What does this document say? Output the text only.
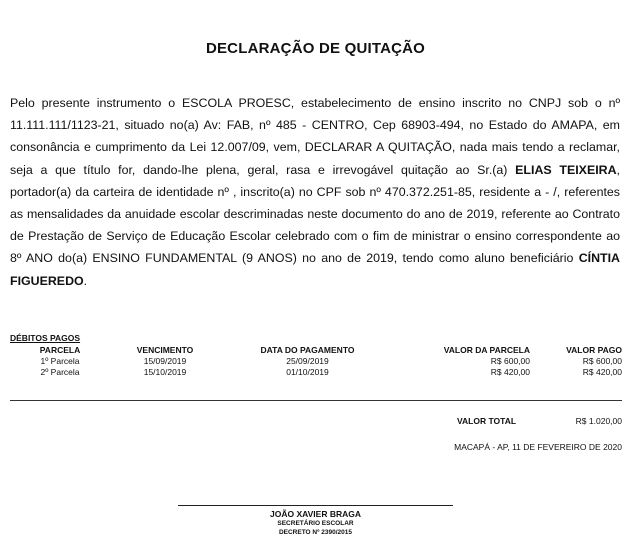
DECLARAÇÃO DE QUITAÇÃO
Pelo presente instrumento o ESCOLA PROESC, estabelecimento de ensino inscrito no CNPJ sob o nº 11.111.111/1123-21, situado no(a) Av: FAB, nº 485 - CENTRO, Cep 68903-494, no Estado do AMAPA, em consonância e cumprimento da Lei 12.007/09, vem, DECLARAR A QUITAÇÃO, nada mais tendo a reclamar, seja a que título for, dando-lhe plena, geral, rasa e irrevogável quitação ao Sr.(a) ELIAS TEIXEIRA, portador(a) da carteira de identidade nº , inscrito(a) no CPF sob nº 470.372.251-85, residente a - /, referentes as mensalidades da anuidade escolar descriminadas neste documento do ano de 2019, referente ao Contrato de Prestação de Serviço de Educação Escolar celebrado com o fim de ministrar o ensino correspondente ao 8º ANO do(a) ENSINO FUNDAMENTAL (9 ANOS) no ano de 2019, tendo como aluno beneficiário CÍNTIA FIGUEREDO.
DÉBITOS PAGOS
PARCELA	VENCIMENTO	DATA DO PAGAMENTO	VALOR DA PARCELA	VALOR PAGO
1º Parcela	15/09/2019	25/09/2019	R$ 600,00	R$ 600,00
2º Parcela	15/10/2019	01/10/2019	R$ 420,00	R$ 420,00
VALOR TOTAL	R$ 1.020,00
MACAPÁ - AP, 11 DE FEVEREIRO DE 2020
JOÃO XAVIER BRAGA
SECRETÁRIO ESCOLAR
DECRETO Nº 2390/2015
